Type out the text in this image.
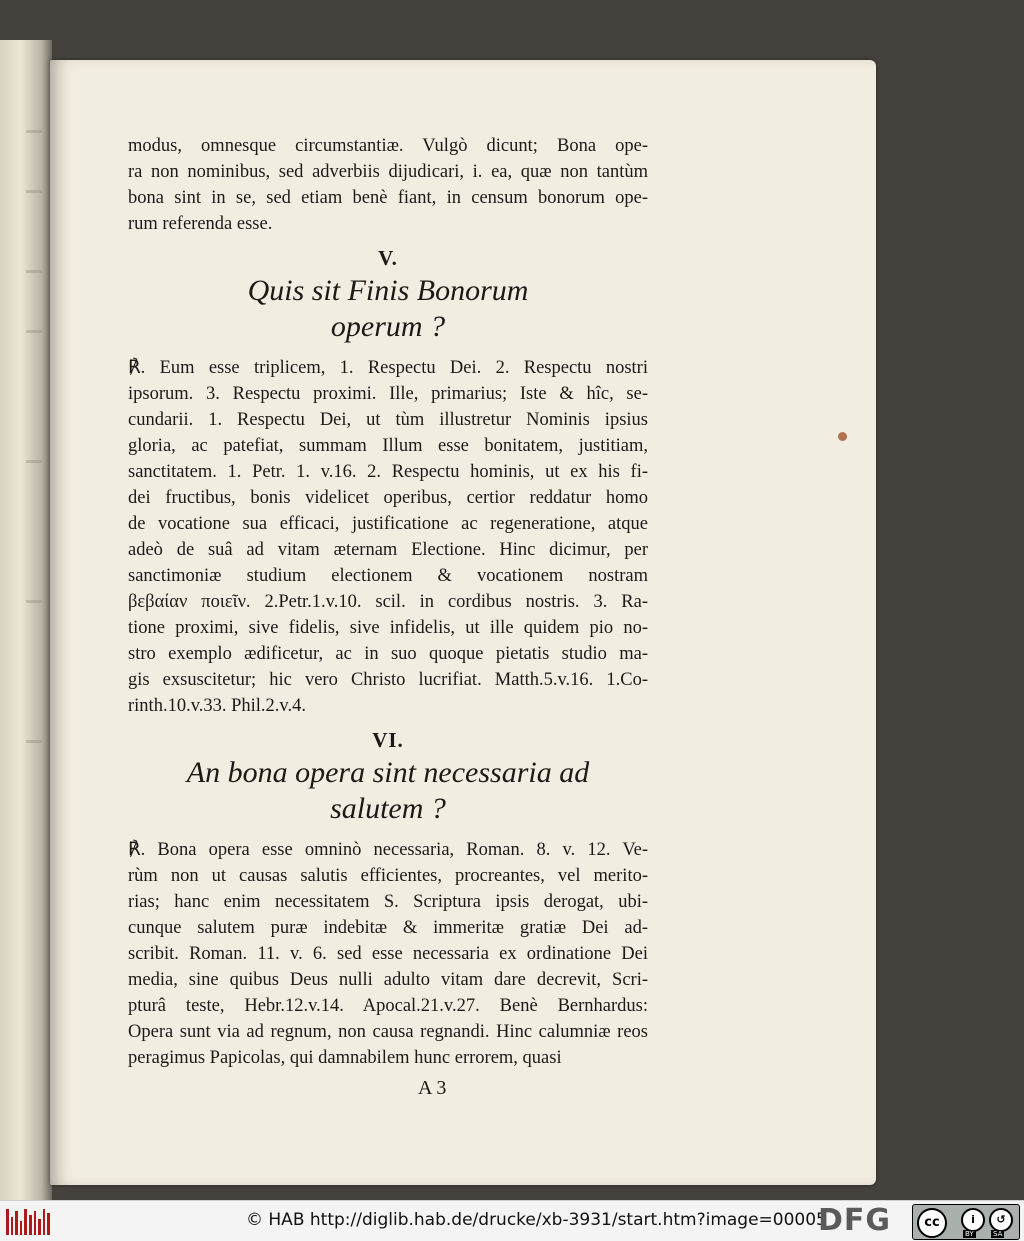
modus, omnesque circumstantiæ. Vulgò dicunt; Bona ope-
ra non nominibus, sed adverbiis dijudicari, i. ea, quæ non tantùm
bona sint in se, sed etiam benè fiant, in censum bonorum ope-
rum referenda esse.
V.
Quis sit Finis Bonorum
operum ?
℟. Eum esse triplicem, 1. Respectu Dei. 2. Respectu nostri
ipsorum. 3. Respectu proximi. Ille, primarius; Iste & hîc, se-
cundarii. 1. Respectu Dei, ut tùm illustretur Nominis ipsius
gloria, ac patefiat, summam Illum esse bonitatem, justitiam,
sanctitatem. 1. Petr. 1. v.16. 2. Respectu hominis, ut ex his fi-
dei fructibus, bonis videlicet operibus, certior reddatur homo
de vocatione sua efficaci, justificatione ac regeneratione, atque
adeò de suâ ad vitam æternam Electione. Hinc dicimur, per
sanctimoniæ studium electionem & vocationem nostram
βεβαίαν ποιεῖν. 2.Petr.1.v.10. scil. in cordibus nostris. 3. Ra-
tione proximi, sive fidelis, sive infidelis, ut ille quidem pio no-
stro exemplo ædificetur, ac in suo quoque pietatis studio ma-
gis exsuscitetur; hic vero Christo lucrifiat. Matth.5.v.16. 1.Co-
rinth.10.v.33. Phil.2.v.4.
VI.
An bona opera sint necessaria ad
salutem ?
℟. Bona opera esse omninò necessaria, Roman. 8. v. 12. Ve-
rùm non ut causas salutis efficientes, procreantes, vel merito-
rias; hanc enim necessitatem S. Scriptura ipsis derogat, ubi-
cunque salutem puræ indebitæ & immeritæ gratiæ Dei ad-
scribit. Roman. 11. v. 6. sed esse necessaria ex ordinatione Dei
media, sine quibus Deus nulli adulto vitam dare decrevit, Scri-
pturâ teste, Hebr.12.v.14. Apocal.21.v.27. Benè Bernhardus:
Opera sunt via ad regnum, non causa regnandi. Hinc calumniæ reos
peragimus Papicolas, qui damnabilem hunc errorem, quasi
A 3
© HAB http://diglib.hab.de/drucke/xb-3931/start.htm?image=00005
DFG	cc	i	↺
BY	SA
